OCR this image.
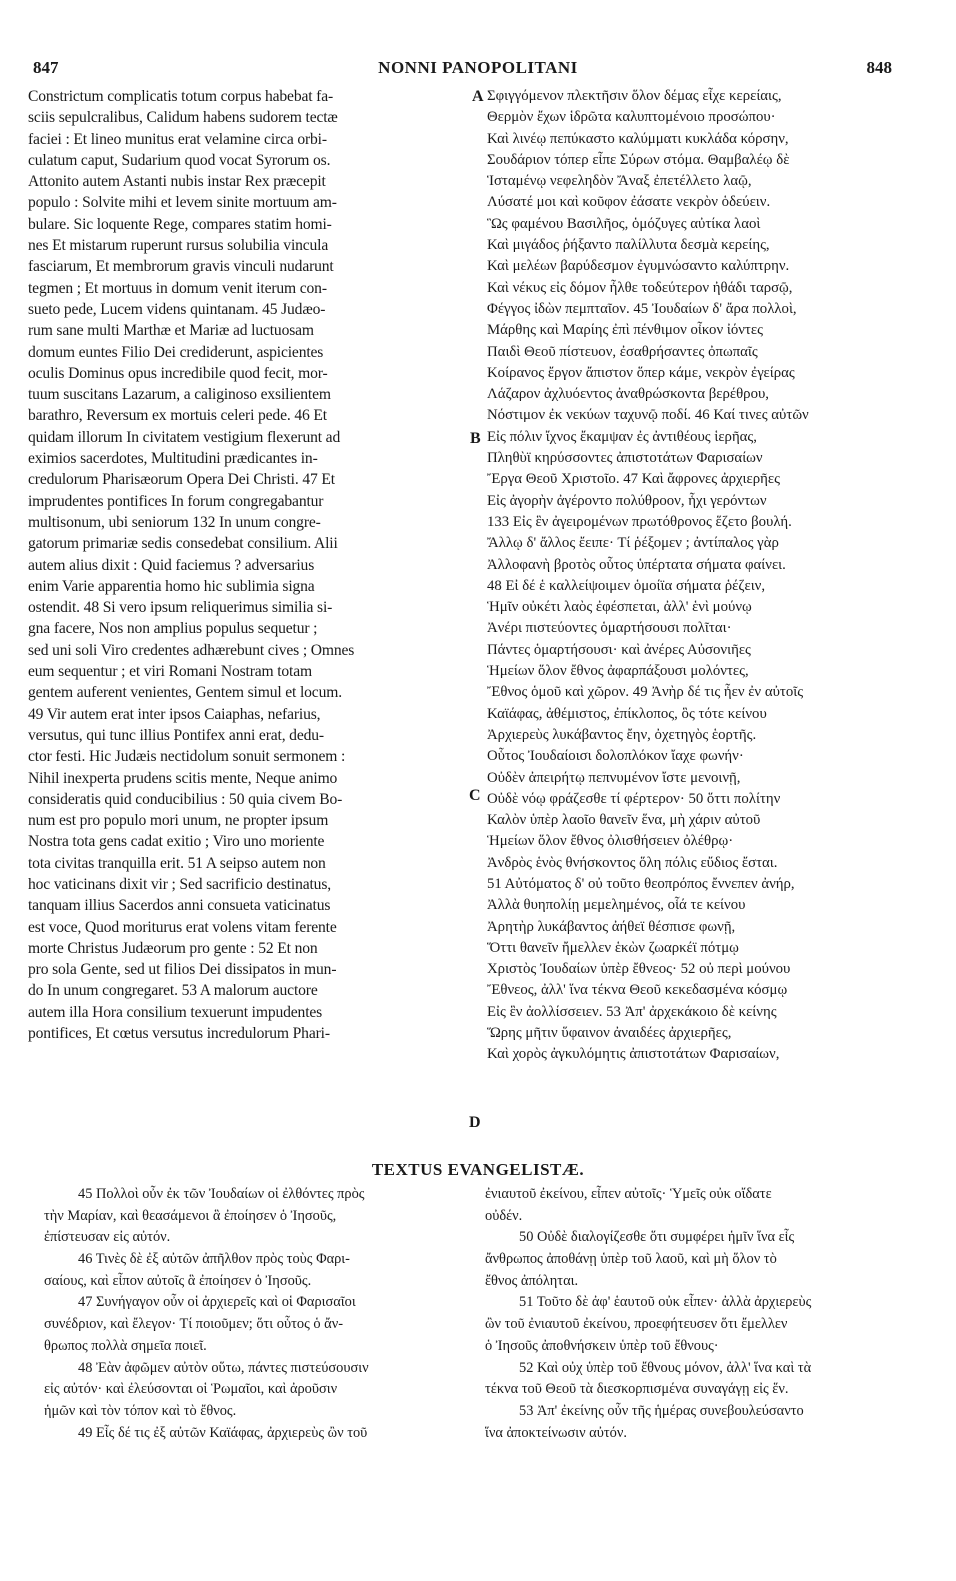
847	NONNI PANOPOLITANI	848
Constrictum complicatis totum corpus habebat fa-
sciis sepulcralibus, Calidum habens sudorem tectæ
faciei : Et lineo munitus erat velamine circa orbi-
culatum caput, Sudarium quod vocat Syrorum os.
Attonito autem Astanti nubis instar Rex præcepit
populo : Solvite mihi et levem sinite mortuum am-
bulare. Sic loquente Rege, compares statim homi-
nes Et mistarum ruperunt rursus solubilia vincula
fasciarum, Et membrorum gravis vinculi nudarunt
tegmen ; Et mortuus in domum venit iterum con-
sueto pede, Lucem videns quintanam. 45 Judæo-
rum sane multi Marthæ et Mariæ ad luctuosam
domum euntes Filio Dei crediderunt, aspicientes
oculis Dominus opus incredibile quod fecit, mor-
tuum suscitans Lazarum, a caliginoso exsilientem
barathro, Reversum ex mortuis celeri pede. 46 Et
quidam illorum In civitatem vestigium flexerunt ad
eximios sacerdotes, Multitudini prædicantes in-
credulorum Pharisæorum Opera Dei Christi. 47 Et
imprudentes pontifices In forum congregabantur
multisonum, ubi seniorum 132 In unum congre-
gatorum primariæ sedis consedebat consilium. Alii
autem alius dixit : Quid faciemus ? adversarius
enim Varie apparentia homo hic sublimia signa
ostendit. 48 Si vero ipsum reliquerimus similia si-
gna facere, Nos non amplius populus sequetur ;
sed uni soli Viro credentes adhærebunt cives ; Omnes
eum sequentur ; et viri Romani Nostram totam
gentem auferent venientes, Gentem simul et locum.
49 Vir autem erat inter ipsos Caiaphas, nefarius,
versutus, qui tunc illius Pontifex anni erat, dedu-
ctor festi. Hic Judæis nectidolum sonuit sermonem :
Nihil inexperta prudens scitis mente, Neque animo
consideratis quid conducibilius : 50 quia civem Bo-
num est pro populo mori unum, ne propter ipsum
Nostra tota gens cadat exitio ; Viro uno moriente
tota civitas tranquilla erit. 51 A seipso autem non
hoc vaticinans dixit vir ; Sed sacrificio destinatus,
tanquam illius Sacerdos anni consueta vaticinatus
est voce, Quod moriturus erat volens vitam ferente
morte Christus Judæorum pro gente : 52 Et non
pro sola Gente, sed ut filios Dei dissipatos in mun-
do In unum congregaret. 53 A malorum auctore
autem illa Hora consilium texuerunt impudentes
pontifices, Et cœtus versutus incredulorum Phari-
A
B
C
D
Σφιγγόμενον πλεκτῆσιν ὅλον δέμας εἶχε κερείαις,
Θερμὸν ἔχων ἱδρῶτα καλυπτομένοιο προσώπου·
Καὶ λινέῳ πεπύκαστο καλύμματι κυκλάδα κόρσην,
Σουδάριον τόπερ εἶπε Σύρων στόμα. Θαμβαλέῳ δὲ
Ἱσταμένῳ νεφεληδὸν Ἄναξ ἐπετέλλετο λαῷ,
Λύσατέ μοι καὶ κοῦφον ἐάσατε νεκρὸν ὁδεύειν.
Ὣς φαμένου Βασιλῆος, ὁμόζυγες αὐτίκα λαοὶ
Καὶ μιγάδος ῥήξαντο παλίλλυτα δεσμὰ κερείης,
Καὶ μελέων βαρύδεσμον ἐγυμνώσαντο καλύπτρην.
Καὶ νέκυς εἰς δόμον ἦλθε τοδεύτερον ἠθάδι ταρσῷ,
Φέγγος ἰδὼν πεμπταῖον. 45 Ἰουδαίων δ' ἄρα πολλοὶ,
Μάρθης καὶ Μαρίης ἐπὶ πένθιμον οἶκον ἰόντες
Παιδὶ Θεοῦ πίστευον, ἐσαθρήσαντες ὀπωπαῖς
Κοίρανος ἔργον ἄπιστον ὅπερ κάμε, νεκρὸν ἐγείρας
Λάζαρον ἀχλυόεντος ἀναθρώσκοντα βερέθρου,
Νόστιμον ἐκ νεκύων ταχυνῷ ποδί. 46 Καί τινες αὐτῶν
Εἰς πόλιν ἴχνος ἔκαμψαν ἐς ἀντιθέους ἱερῆας,
Πληθὺϊ κηρύσσοντες ἀπιστοτάτων Φαρισαίων
Ἔργα Θεοῦ Χριστοῖο. 47 Καὶ ἄφρονες ἀρχιερῆες
Εἰς ἀγορὴν ἀγέροντο πολύθροον, ἧχι γερόντων
133 Εἰς ἓν ἀγειρομένων πρωτόθρονος ἕζετο βουλή.
Ἄλλῳ δ' ἄλλος ἔειπε· Τί ῥέξομεν ; ἀντίπαλος γὰρ
Ἀλλοφανὴ βροτὸς οὗτος ὑπέρτατα σήματα φαίνει.
48 Εἰ δέ ἑ καλλείψοιμεν ὁμοίϊα σήματα ῥέζειν,
Ἡμῖν οὐκέτι λαὸς ἐφέσπεται, ἀλλ' ἑνὶ μούνῳ
Ἀνέρι πιστεύοντες ὁμαρτήσουσι πολῖται·
Πάντες ὁμαρτήσουσι· καὶ ἀνέρες Αὐσονιῆες
Ἡμείων ὅλον ἔθνος ἀφαρπάξουσι μολόντες,
Ἔθνος ὁμοῦ καὶ χῶρον. 49 Ἀνὴρ δέ τις ἦεν ἐν αὐτοῖς
Καϊάφας, ἀθέμιστος, ἐπίκλοπος, ὃς τότε κείνου
Ἀρχιερεὺς λυκάβαντος ἔην, ὀχετηγὸς ἑορτῆς.
Οὗτος Ἰουδαίοισι δολοπλόκον ἴαχε φωνήν·
Οὐδὲν ἀπειρήτῳ πεπνυμένον ἴστε μενοινῇ,
Οὐδὲ νόῳ φράζεσθε τί φέρτερον· 50 ὅττι πολίτην
Καλὸν ὑπὲρ λαοῖο θανεῖν ἕνα, μὴ χάριν αὐτοῦ
Ἡμείων ὅλον ἔθνος ὀλισθήσειεν ὀλέθρῳ·
Ἀνδρὸς ἑνὸς θνήσκοντος ὅλη πόλις εὔδιος ἔσται.
51 Αὐτόματος δ' οὐ τοῦτο θεοπρόπος ἔννεπεν ἀνήρ,
Ἀλλὰ θυηπολίῃ μεμελημένος, οἷά τε κείνου
Ἀρητὴρ λυκάβαντος ἀήθεϊ θέσπισε φωνῇ,
Ὅττι θανεῖν ἤμελλεν ἑκὼν ζωαρκέϊ πότμῳ
Χριστὸς Ἰουδαίων ὑπὲρ ἔθνεος· 52 οὐ περὶ μούνου
Ἔθνεος, ἀλλ' ἵνα τέκνα Θεοῦ κεκεδασμένα κόσμῳ
Εἰς ἓν ἀολλίσσειεν. 53 Ἀπ' ἀρχεκάκοιο δὲ κείνης
Ὥρης μῆτιν ὕφαινον ἀναιδέες ἀρχιερῆες,
Καὶ χορὸς ἀγκυλόμητις ἀπιστοτάτων Φαρισαίων,
TEXTUS EVANGELISTÆ.
45 Πολλοὶ οὖν ἐκ τῶν Ἰουδαίων οἱ ἐλθόντες πρὸς
τὴν Μαρίαν, καὶ θεασάμενοι ἃ ἐποίησεν ὁ Ἰησοῦς,
ἐπίστευσαν εἰς αὐτόν.
46 Τινὲς δὲ ἐξ αὐτῶν ἀπῆλθον πρὸς τοὺς Φαρι-
σαίους, καὶ εἶπον αὐτοῖς ἃ ἐποίησεν ὁ Ἰησοῦς.
47 Συνήγαγον οὖν οἱ ἀρχιερεῖς καὶ οἱ Φαρισαῖοι
συνέδριον, καὶ ἔλεγον· Τί ποιοῦμεν; ὅτι οὗτος ὁ ἄν-
θρωπος πολλὰ σημεῖα ποιεῖ.
48 Ἐὰν ἀφῶμεν αὐτὸν οὕτω, πάντες πιστεύσουσιν
εἰς αὐτόν· καὶ ἐλεύσονται οἱ Ῥωμαῖοι, καὶ ἀροῦσιν
ἡμῶν καὶ τὸν τόπον καὶ τὸ ἔθνος.
49 Εἷς δέ τις ἐξ αὐτῶν Καϊάφας, ἀρχιερεὺς ὢν τοῦ
ἐνιαυτοῦ ἐκείνου, εἶπεν αὐτοῖς· Ὑμεῖς οὐκ οἴδατε
οὐδέν.
50 Οὐδὲ διαλογίζεσθε ὅτι συμφέρει ἡμῖν ἵνα εἷς
ἄνθρωπος ἀποθάνῃ ὑπὲρ τοῦ λαοῦ, καὶ μὴ ὅλον τὸ
ἔθνος ἀπόληται.
51 Τοῦτο δὲ ἀφ' ἑαυτοῦ οὐκ εἶπεν· ἀλλὰ ἀρχιερεὺς
ὢν τοῦ ἐνιαυτοῦ ἐκείνου, προεφήτευσεν ὅτι ἔμελλεν
ὁ Ἰησοῦς ἀποθνήσκειν ὑπὲρ τοῦ ἔθνους·
52 Καὶ οὐχ ὑπὲρ τοῦ ἔθνους μόνον, ἀλλ' ἵνα καὶ τὰ
τέκνα τοῦ Θεοῦ τὰ διεσκορπισμένα συναγάγῃ εἰς ἕν.
53 Ἀπ' ἐκείνης οὖν τῆς ἡμέρας συνεβουλεύσαντο
ἵνα ἀποκτείνωσιν αὐτόν.
